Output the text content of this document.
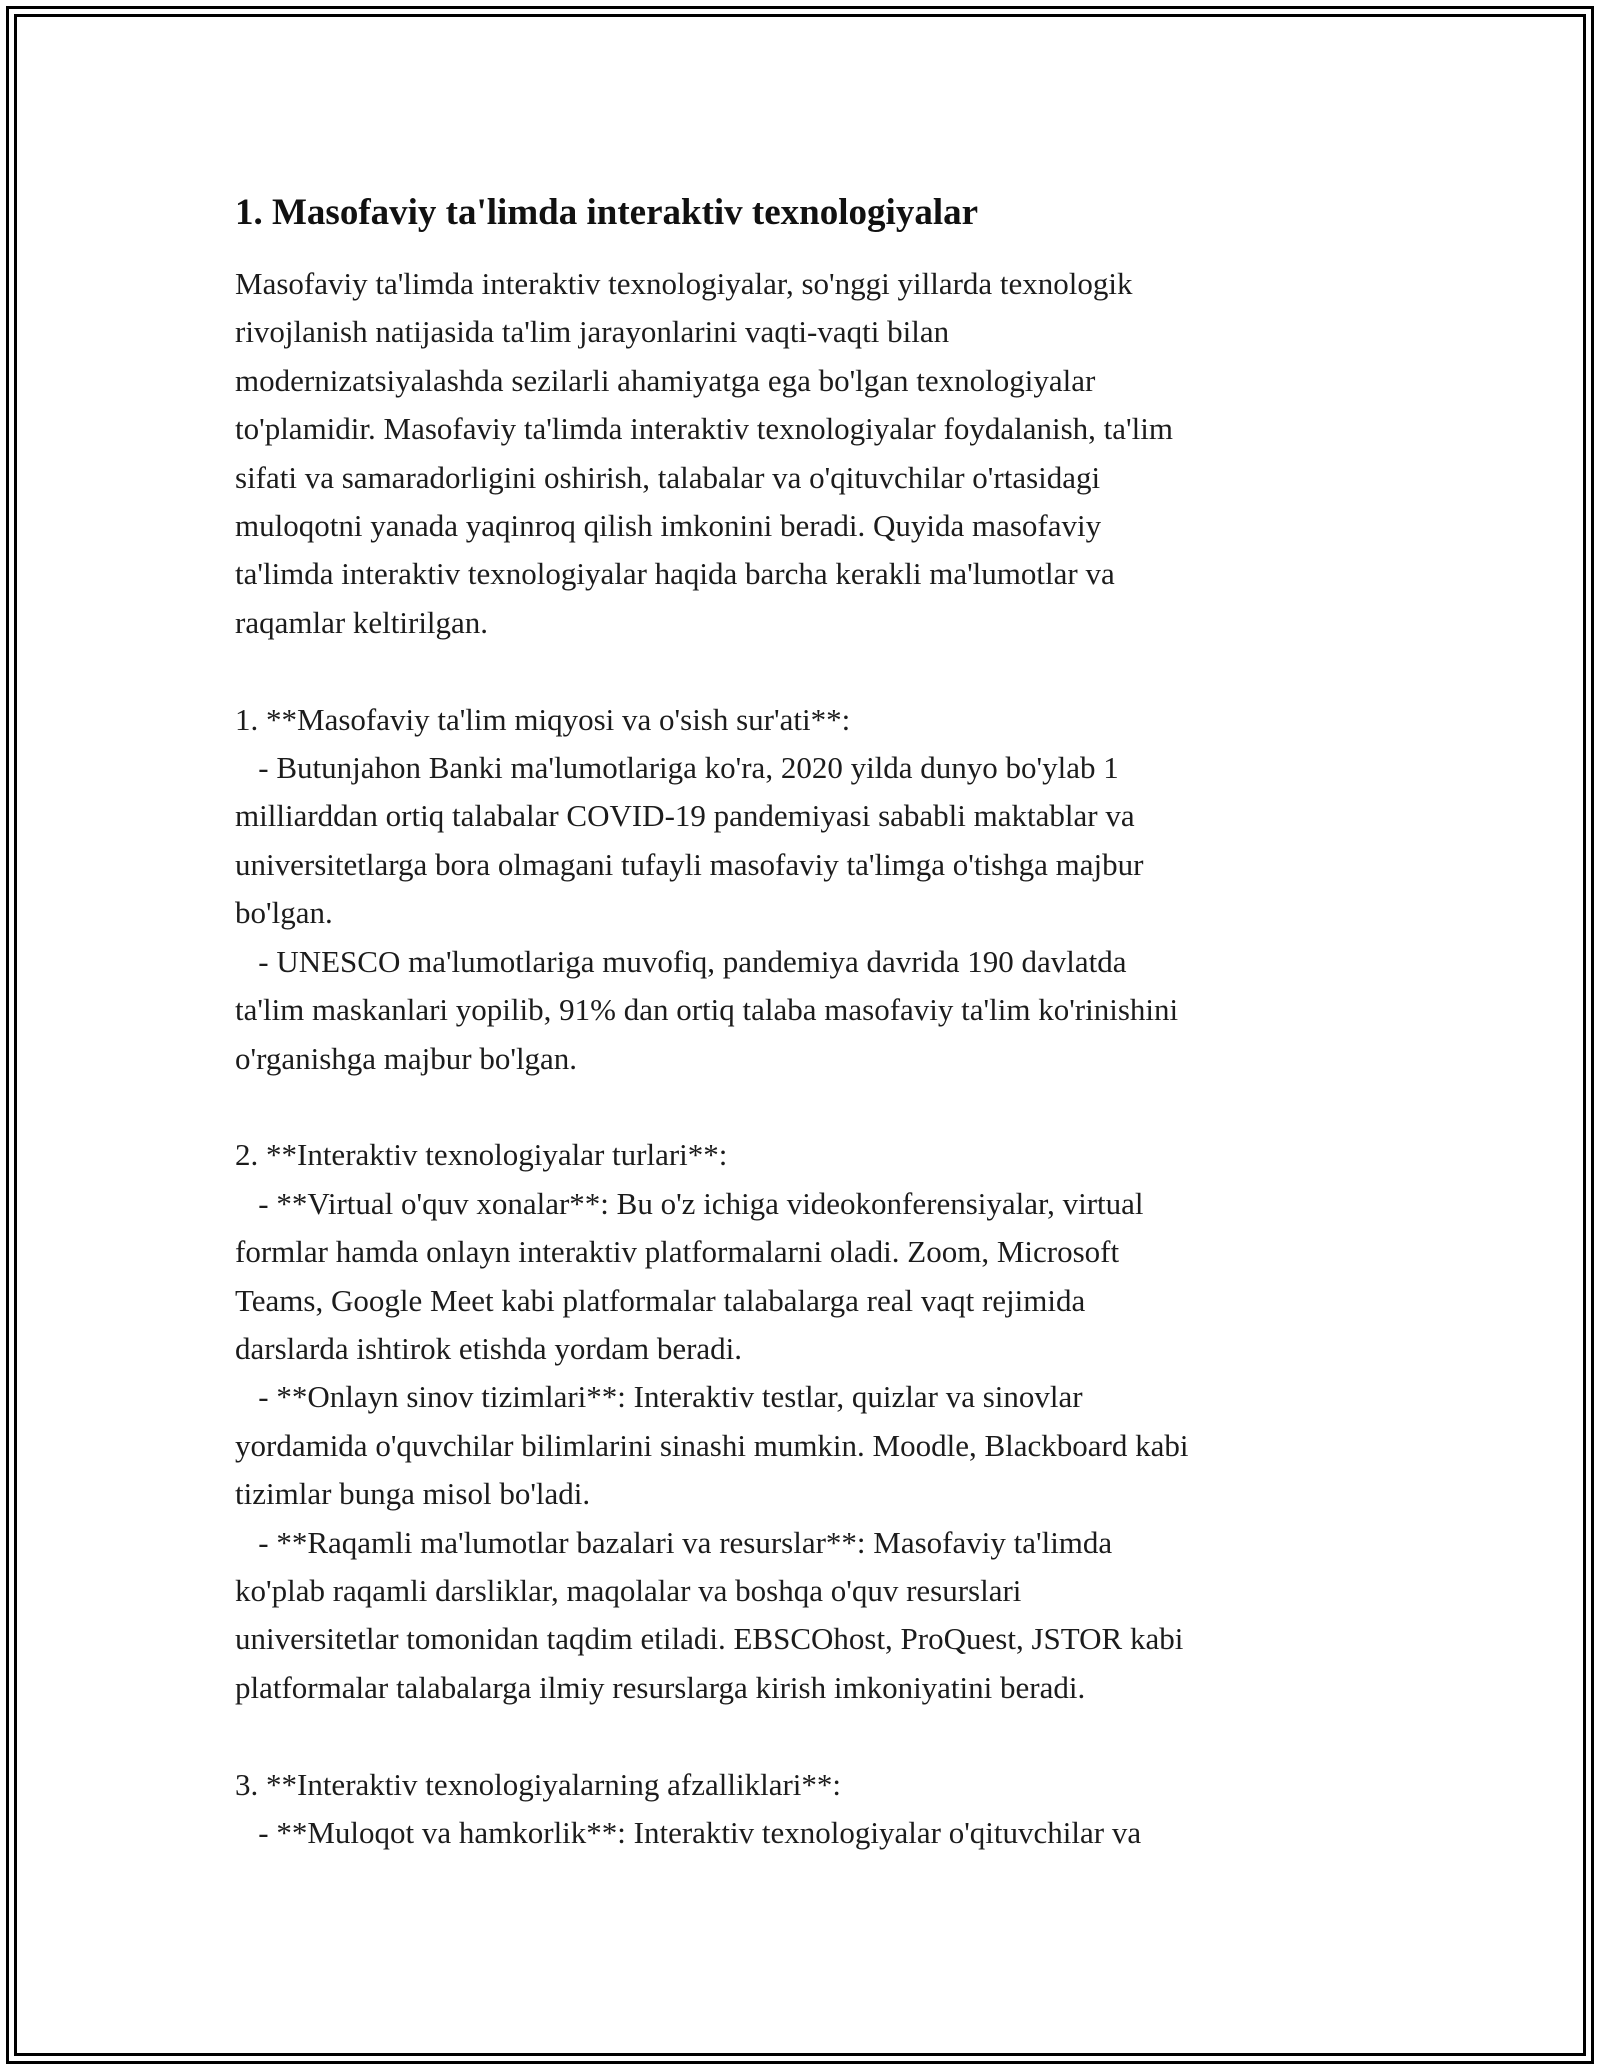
1. Masofaviy ta'limda interaktiv texnologiyalar

Masofaviy ta'limda interaktiv texnologiyalar, so'nggi yillarda texnologik
rivojlanish natijasida ta'lim jarayonlarini vaqti-vaqti bilan
modernizatsiyalashda sezilarli ahamiyatga ega bo'lgan texnologiyalar
to'plamidir. Masofaviy ta'limda interaktiv texnologiyalar foydalanish, ta'lim
sifati va samaradorligini oshirish, talabalar va o'qituvchilar o'rtasidagi
muloqotni yanada yaqinroq qilish imkonini beradi. Quyida masofaviy
ta'limda interaktiv texnologiyalar haqida barcha kerakli ma'lumotlar va
raqamlar keltirilgan.

1. **Masofaviy ta'lim miqyosi va o'sish sur'ati**:
- Butunjahon Banki ma'lumotlariga ko'ra, 2020 yilda dunyo bo'ylab 1
milliarddan ortiq talabalar COVID-19 pandemiyasi sababli maktablar va
universitetlarga bora olmagani tufayli masofaviy ta'limga o'tishga majbur
bo'lgan.
- UNESCO ma'lumotlariga muvofiq, pandemiya davrida 190 davlatda
ta'lim maskanlari yopilib, 91% dan ortiq talaba masofaviy ta'lim ko'rinishini
o'rganishga majbur bo'lgan.

2. **Interaktiv texnologiyalar turlari**:
- **Virtual o'quv xonalar**: Bu o'z ichiga videokonferensiyalar, virtual
formlar hamda onlayn interaktiv platformalarni oladi. Zoom, Microsoft
Teams, Google Meet kabi platformalar talabalarga real vaqt rejimida
darslarda ishtirok etishda yordam beradi.
- **Onlayn sinov tizimlari**: Interaktiv testlar, quizlar va sinovlar
yordamida o'quvchilar bilimlarini sinashi mumkin. Moodle, Blackboard kabi
tizimlar bunga misol bo'ladi.
- **Raqamli ma'lumotlar bazalari va resurslar**: Masofaviy ta'limda
ko'plab raqamli darsliklar, maqolalar va boshqa o'quv resurslari
universitetlar tomonidan taqdim etiladi. EBSCOhost, ProQuest, JSTOR kabi
platformalar talabalarga ilmiy resurslarga kirish imkoniyatini beradi.

3. **Interaktiv texnologiyalarning afzalliklari**:
- **Muloqot va hamkorlik**: Interaktiv texnologiyalar o'qituvchilar va
